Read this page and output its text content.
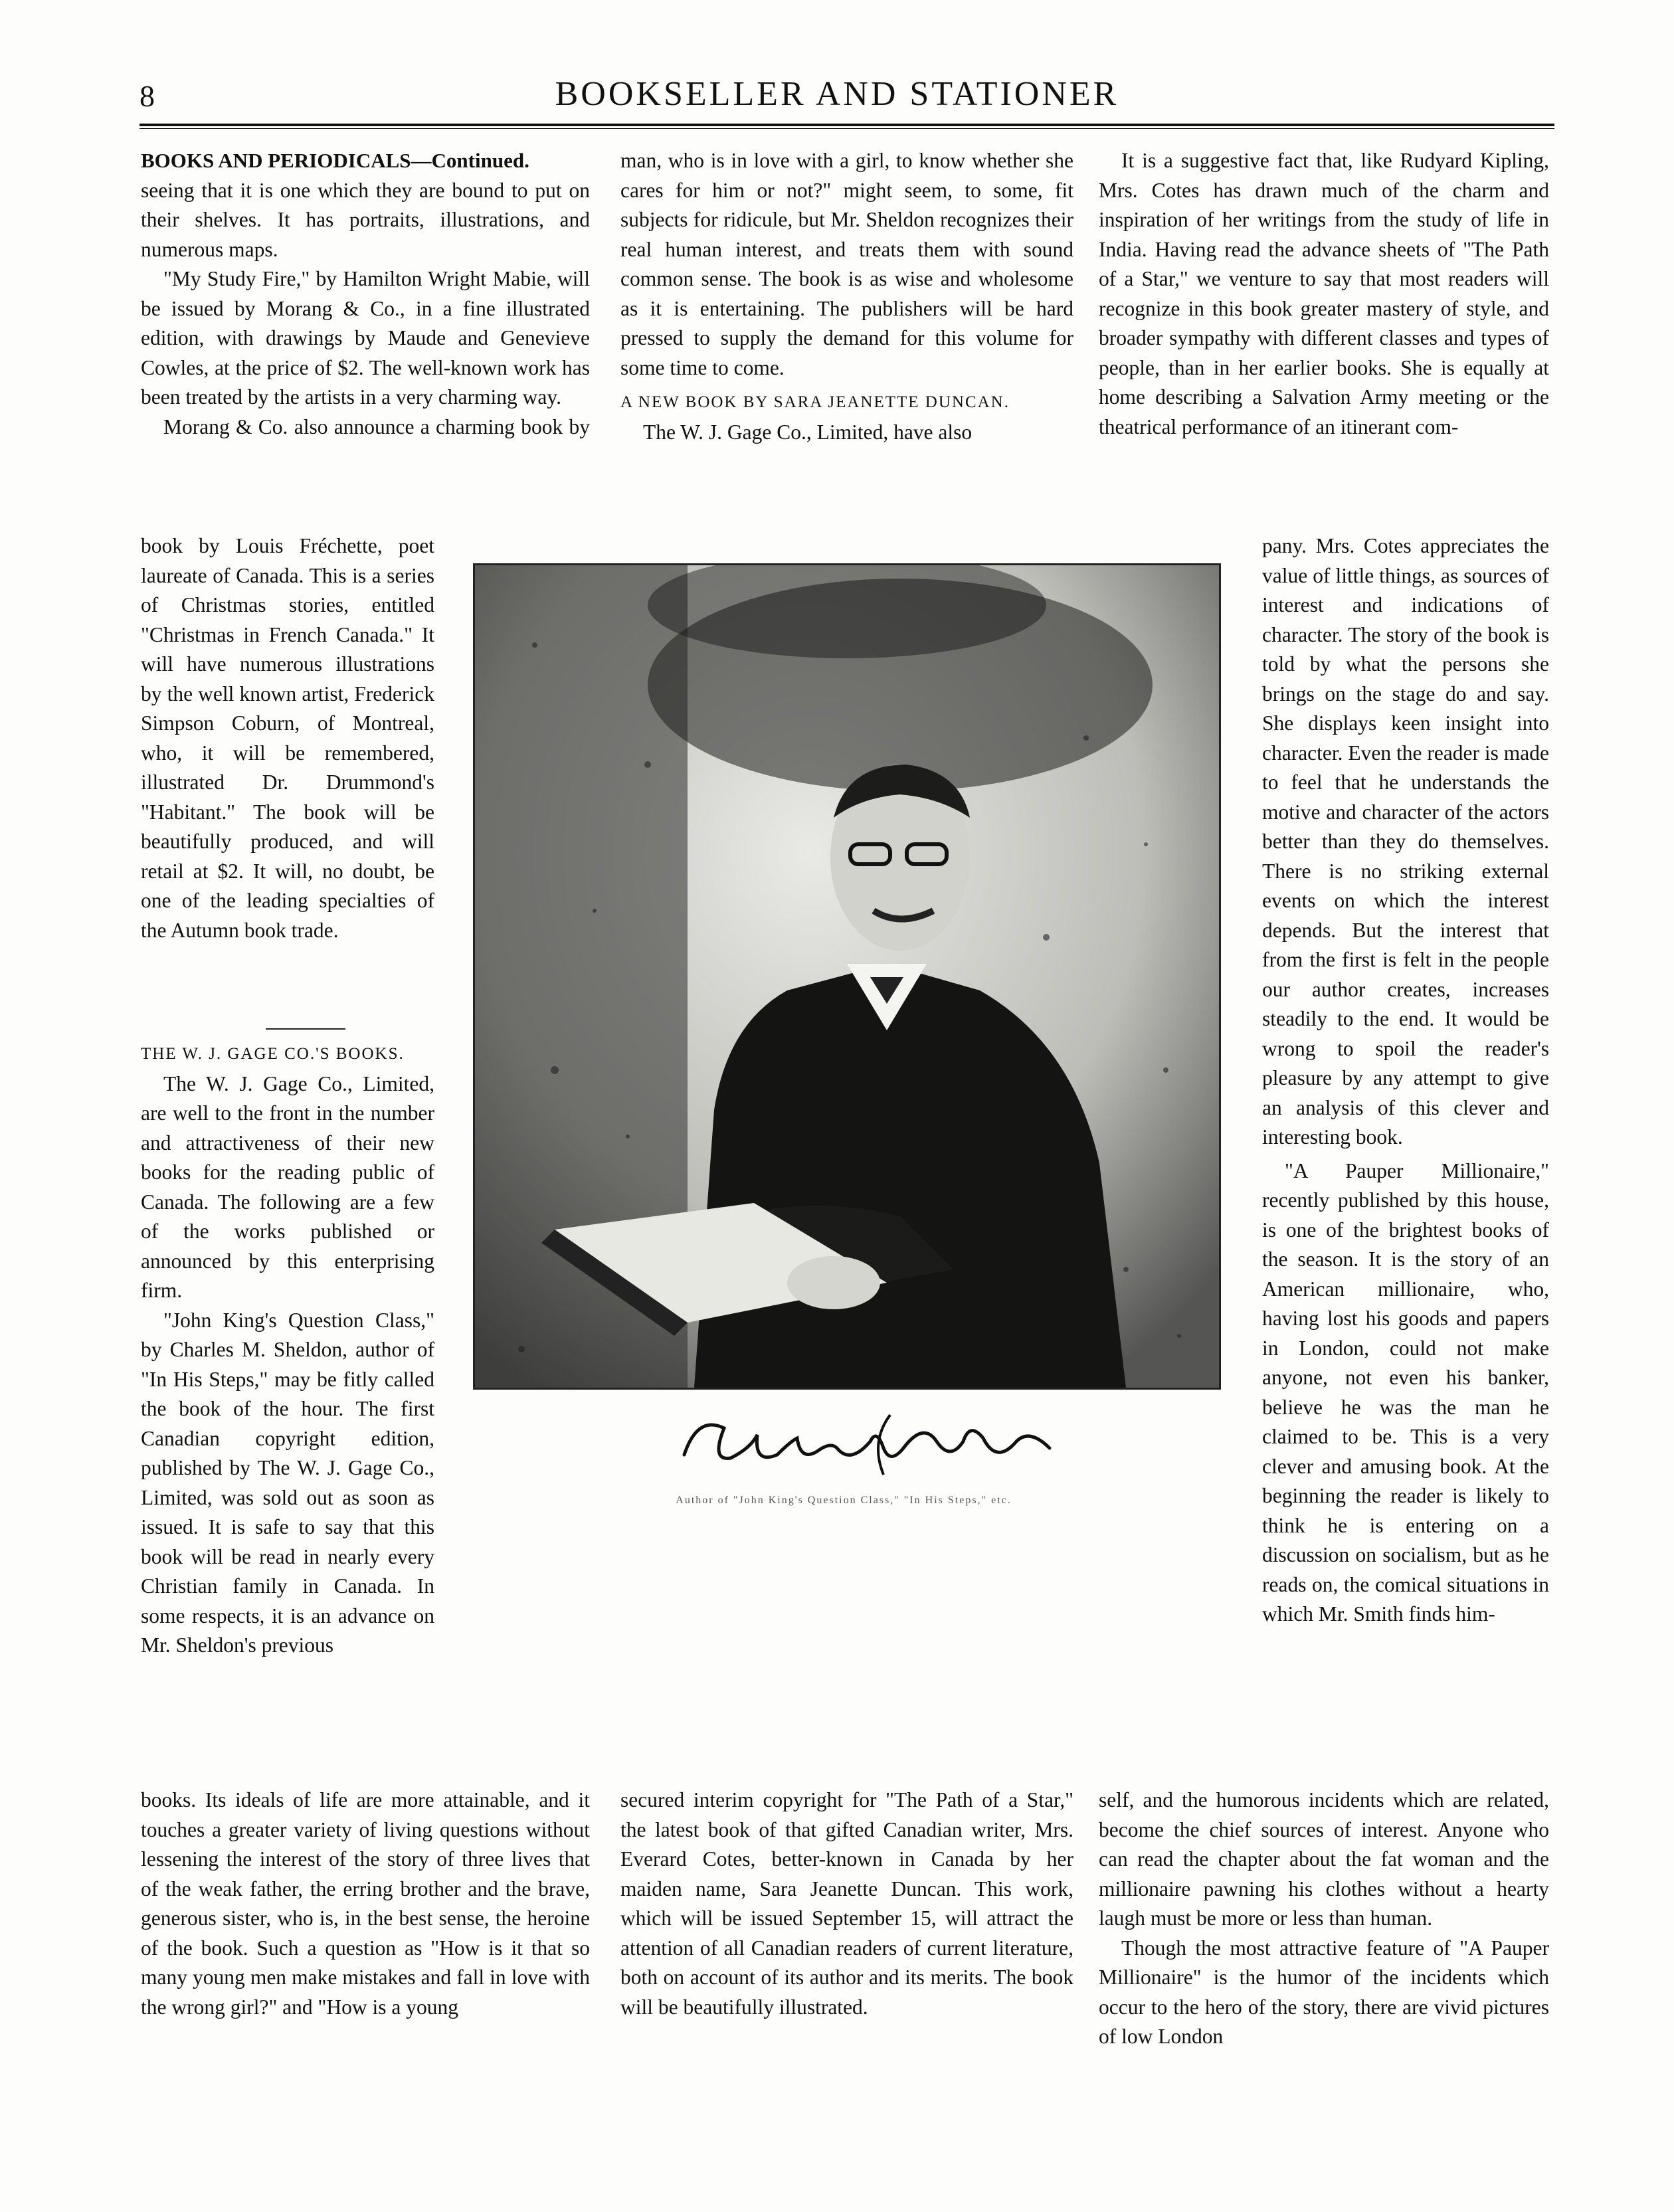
8	BOOKSELLER AND STATIONER

BOOKS AND PERIODICALS—Continued.

seeing that it is one which they are bound to put on their shelves. It has portraits, illustrations, and numerous maps.

"My Study Fire," by Hamilton Wright Mabie, will be issued by Morang & Co., in a fine illustrated edition, with drawings by Maude and Genevieve Cowles, at the price of $2. The well-known work has been treated by the artists in a very charming way.

Morang & Co. also announce a charming book by

book by Louis Fréchette, poet laureate of Canada. This is a series of Christmas stories, entitled "Christmas in French Canada." It will have numerous illustrations by the well known artist, Frederick Simpson Coburn, of Montreal, who, it will be remembered, illustrated Dr. Drummond's "Habitant." The book will be beautifully produced, and will retail at $2. It will, no doubt, be one of the leading specialties of the Autumn book trade.

THE W. J. GAGE CO.'S BOOKS.

The W. J. Gage Co., Limited, are well to the front in the number and attractiveness of their new books for the reading public of Canada. The following are a few of the works published or announced by this enterprising firm.

"John King's Question Class," by Charles M. Sheldon, author of "In His Steps," may be fitly called the book of the hour. The first Canadian copyright edition, published by The W. J. Gage Co., Limited, was sold out as soon as issued. It is safe to say that this book will be read in nearly every Christian family in Canada. In some respects, it is an advance on Mr. Sheldon's previous

books. Its ideals of life are more attainable, and it touches a greater variety of living questions without lessening the interest of the story of three lives that of the weak father, the erring brother and the brave, generous sister, who is, in the best sense, the heroine of the book. Such a question as "How is it that so many young men make mistakes and fall in love with the wrong girl?" and "How is a young

man, who is in love with a girl, to know whether she cares for him or not?" might seem, to some, fit subjects for ridicule, but Mr. Sheldon recognizes their real human interest, and treats them with sound common sense. The book is as wise and wholesome as it is entertaining. The publishers will be hard pressed to supply the demand for this volume for some time to come.

A NEW BOOK BY SARA JEANETTE DUNCAN.

The W. J. Gage Co., Limited, have also

secured interim copyright for "The Path of a Star," the latest book of that gifted Canadian writer, Mrs. Everard Cotes, better-known in Canada by her maiden name, Sara Jeanette Duncan. This work, which will be issued September 15, will attract the attention of all Canadian readers of current literature, both on account of its author and its merits. The book will be beautifully illustrated.

It is a suggestive fact that, like Rudyard Kipling, Mrs. Cotes has drawn much of the charm and inspiration of her writings from the study of life in India. Having read the advance sheets of "The Path of a Star," we venture to say that most readers will recognize in this book greater mastery of style, and broader sympathy with different classes and types of people, than in her earlier books. She is equally at home describing a Salvation Army meeting or the theatrical performance of an itinerant com-

pany. Mrs. Cotes appreciates the value of little things, as sources of interest and indications of character. The story of the book is told by what the persons she brings on the stage do and say. She displays keen insight into character. Even the reader is made to feel that he understands the motive and character of the actors better than they do themselves. There is no striking external events on which the interest depends. But the interest that from the first is felt in the people our author creates, increases steadily to the end. It would be wrong to spoil the reader's pleasure by any attempt to give an analysis of this clever and interesting book.

"A Pauper Millionaire," recently published by this house, is one of the brightest books of the season. It is the story of an American millionaire, who, having lost his goods and papers in London, could not make anyone, not even his banker, believe he was the man he claimed to be. This is a very clever and amusing book. At the beginning the reader is likely to think he is entering on a discussion on socialism, but as he reads on, the comical situations in which Mr. Smith finds him-

self, and the humorous incidents which are related, become the chief sources of interest. Anyone who can read the chapter about the fat woman and the millionaire pawning his clothes without a hearty laugh must be more or less than human.

Though the most attractive feature of "A Pauper Millionaire" is the humor of the incidents which occur to the hero of the story, there are vivid pictures of low London

Author of "John King's Question Class," "In His Steps," etc.
